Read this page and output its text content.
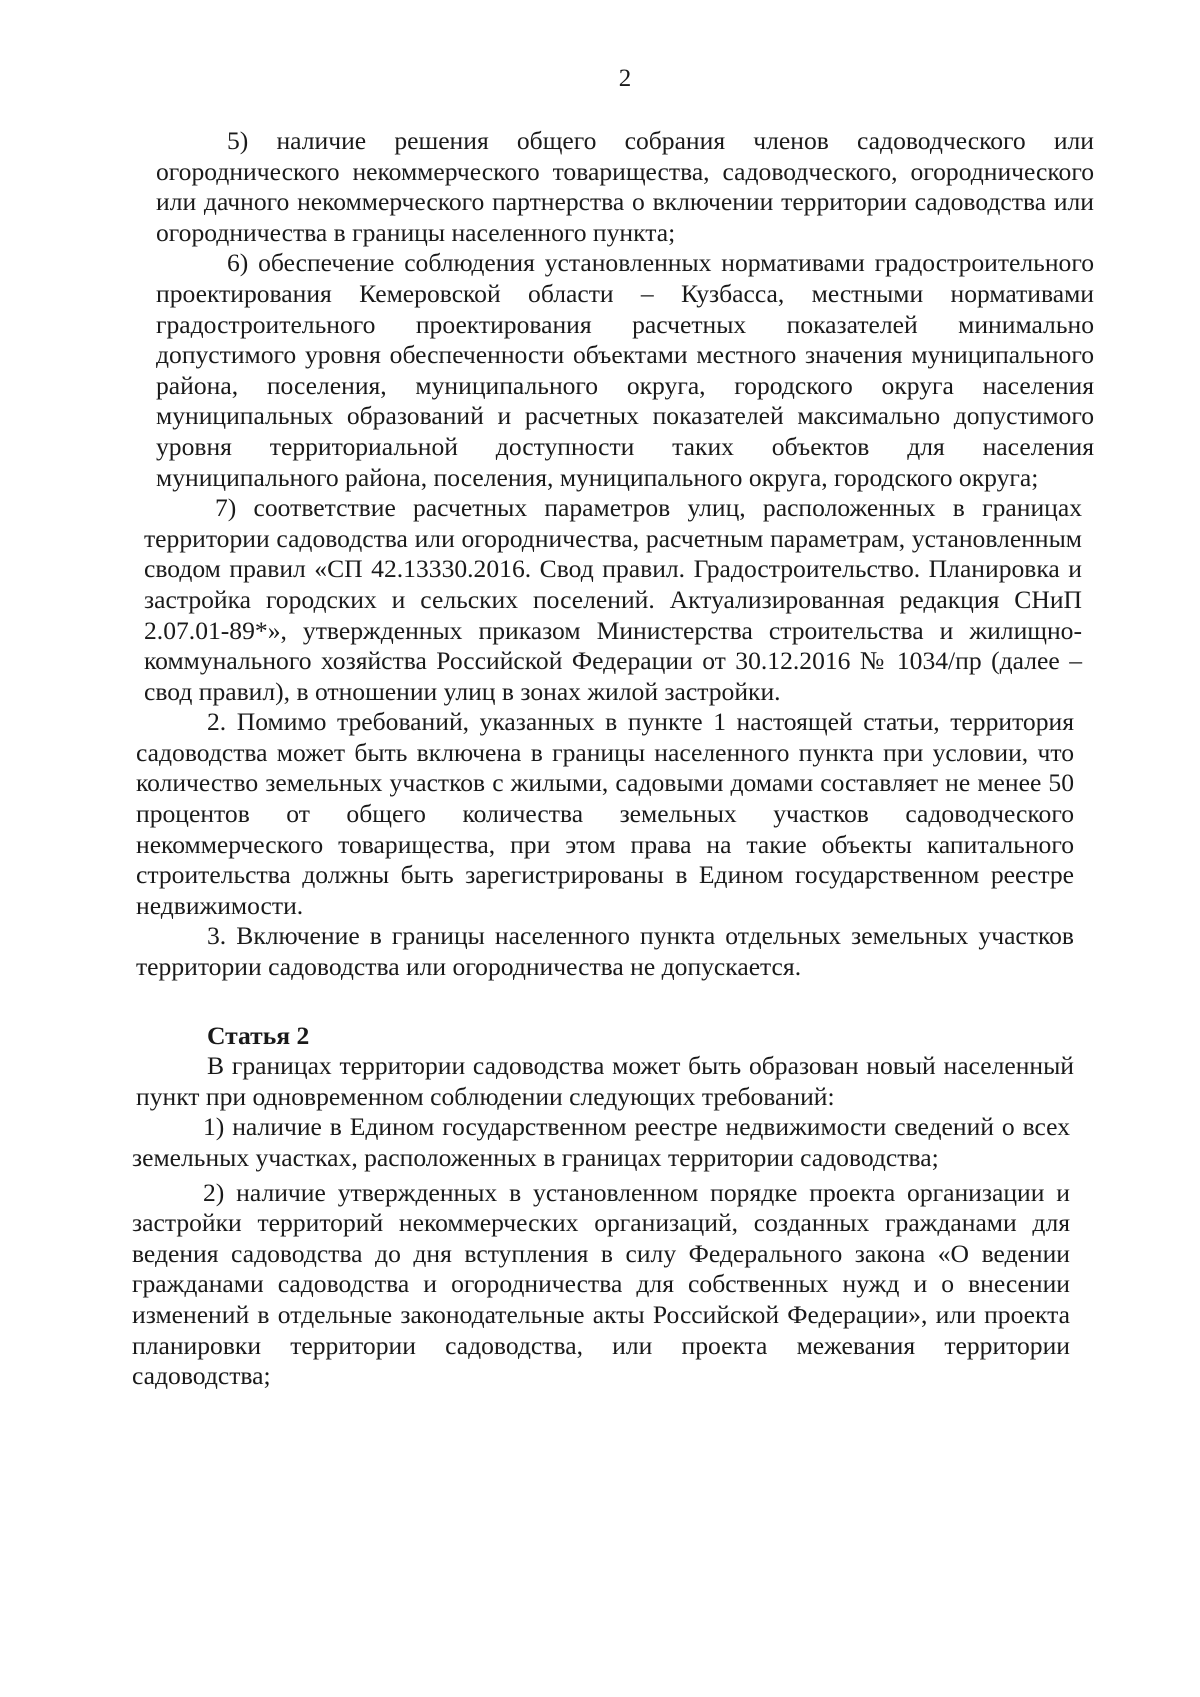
2

5) наличие решения общего собрания членов садоводческого или огороднического некоммерческого товарищества, садоводческого, огороднического или дачного некоммерческого партнерства о включении территории садоводства или огородничества в границы населенного пункта;

6) обеспечение соблюдения установленных нормативами градостроительного проектирования Кемеровской области – Кузбасса, местными нормативами градостроительного проектирования расчетных показателей минимально допустимого уровня обеспеченности объектами местного значения муниципального района, поселения, муниципального округа, городского округа населения муниципальных образований и расчетных показателей максимально допустимого уровня территориальной доступности таких объектов для населения муниципального района, поселения, муниципального округа, городского округа;

7) соответствие расчетных параметров улиц, расположенных в границах территории садоводства или огородничества, расчетным параметрам, установленным сводом правил «СП 42.13330.2016. Свод правил. Градостроительство. Планировка и застройка городских и сельских поселений. Актуализированная редакция СНиП 2.07.01-89*», утвержденных приказом Министерства строительства и жилищно-коммунального хозяйства Российской Федерации от 30.12.2016 № 1034/пр (далее – свод правил), в отношении улиц в зонах жилой застройки.

2. Помимо требований, указанных в пункте 1 настоящей статьи, территория садоводства может быть включена в границы населенного пункта при условии, что количество земельных участков с жилыми, садовыми домами составляет не менее 50 процентов от общего количества земельных участков садоводческого некоммерческого товарищества, при этом права на такие объекты капитального строительства должны быть зарегистрированы в Едином государственном реестре недвижимости.

3. Включение в границы населенного пункта отдельных земельных участков территории садоводства или огородничества не допускается.

Статья 2

В границах территории садоводства может быть образован новый населенный пункт при одновременном соблюдении следующих требований:

1) наличие в Едином государственном реестре недвижимости сведений о всех земельных участках, расположенных в границах территории садоводства;

2) наличие утвержденных в установленном порядке проекта организации и застройки территорий некоммерческих организаций, созданных гражданами для ведения садоводства до дня вступления в силу Федерального закона «О ведении гражданами садоводства и огородничества для собственных нужд и о внесении изменений в отдельные законодательные акты Российской Федерации», или проекта планировки территории садоводства, или проекта межевания территории садоводства;
